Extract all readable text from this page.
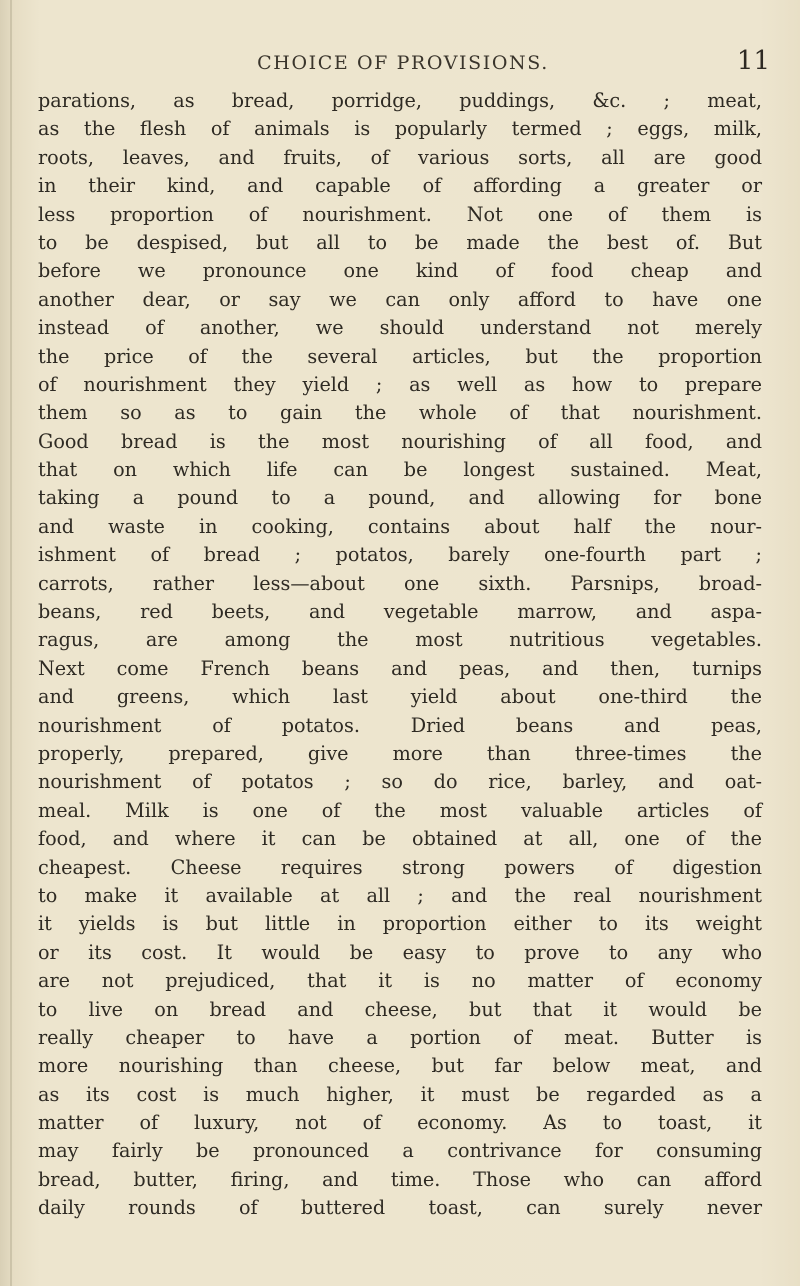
CHOICE OF PROVISIONS.	11
parations, as bread, porridge, puddings, &c. ; meat,
as the flesh of animals is popularly termed ; eggs, milk,
roots, leaves, and fruits, of various sorts, all are good
in their kind, and capable of affording a greater or
less proportion of nourishment. Not one of them is
to be despised, but all to be made the best of. But
before we pronounce one kind of food cheap and
another dear, or say we can only afford to have one
instead of another, we should understand not merely
the price of the several articles, but the proportion
of nourishment they yield ; as well as how to prepare
them so as to gain the whole of that nourishment.
Good bread is the most nourishing of all food, and
that on which life can be longest sustained. Meat,
taking a pound to a pound, and allowing for bone
and waste in cooking, contains about half the nour-
ishment of bread ; potatos, barely one-fourth part ;
carrots, rather less—about one sixth. Parsnips, broad-
beans, red beets, and vegetable marrow, and aspa-
ragus, are among the most nutritious vegetables.
Next come French beans and peas, and then, turnips
and greens, which last yield about one-third the
nourishment of potatos. Dried beans and peas,
properly, prepared, give more than three-times the
nourishment of potatos ; so do rice, barley, and oat-
meal. Milk is one of the most valuable articles of
food, and where it can be obtained at all, one of the
cheapest. Cheese requires strong powers of digestion
to make it available at all ; and the real nourishment
it yields is but little in proportion either to its weight
or its cost. It would be easy to prove to any who
are not prejudiced, that it is no matter of economy
to live on bread and cheese, but that it would be
really cheaper to have a portion of meat. Butter is
more nourishing than cheese, but far below meat, and
as its cost is much higher, it must be regarded as a
matter of luxury, not of economy. As to toast, it
may fairly be pronounced a contrivance for consuming
bread, butter, firing, and time. Those who can afford
daily rounds of buttered toast, can surely never
